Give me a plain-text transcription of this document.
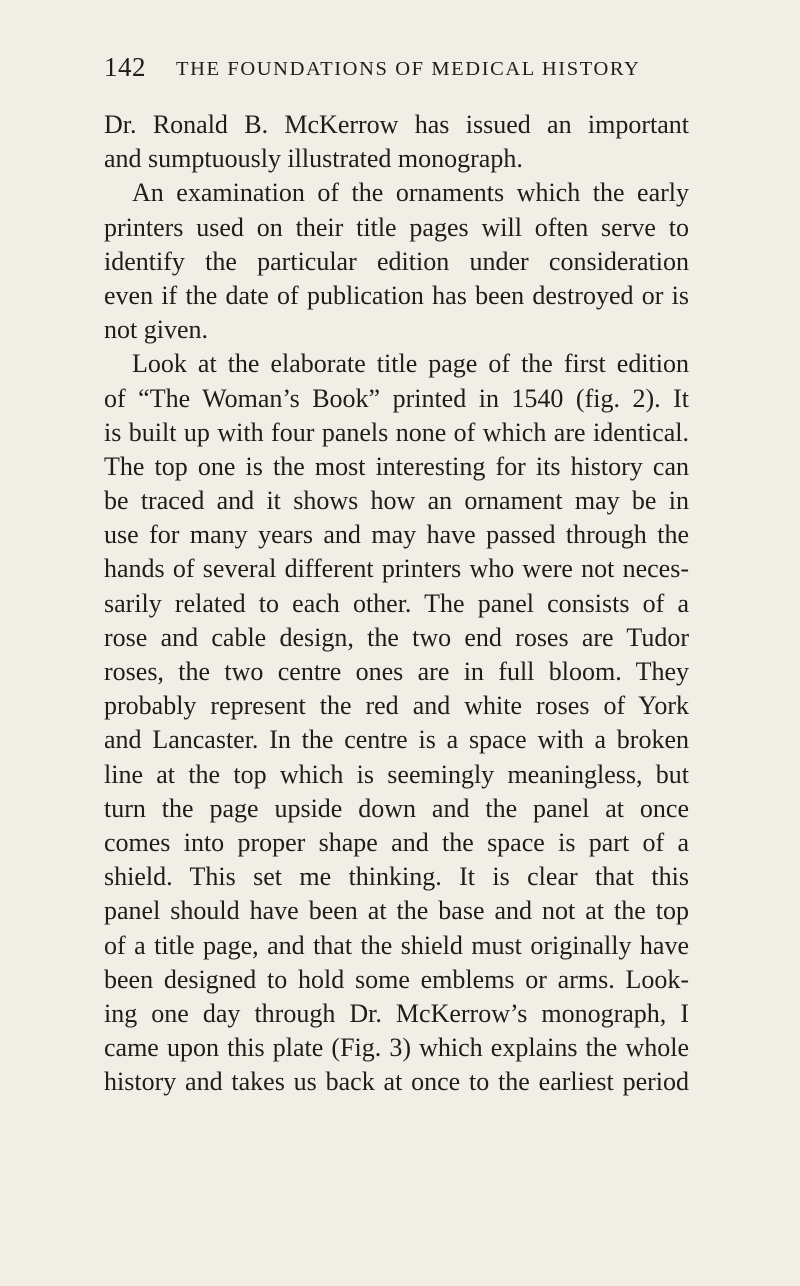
142 THE FOUNDATIONS OF MEDICAL HISTORY
Dr. Ronald B. McKerrow has issued an important
and sumptuously illustrated monograph.
An examination of the ornaments which the early
printers used on their title pages will often serve to
identify the particular edition under consideration
even if the date of publication has been destroyed or is
not given.
Look at the elaborate title page of the first edition
of “The Woman’s Book” printed in 1540 (fig. 2). It
is built up with four panels none of which are identical.
The top one is the most interesting for its history can
be traced and it shows how an ornament may be in
use for many years and may have passed through the
hands of several different printers who were not neces-
sarily related to each other. The panel consists of a
rose and cable design, the two end roses are Tudor
roses, the two centre ones are in full bloom. They
probably represent the red and white roses of York
and Lancaster. In the centre is a space with a broken
line at the top which is seemingly meaningless, but
turn the page upside down and the panel at once
comes into proper shape and the space is part of a
shield. This set me thinking. It is clear that this
panel should have been at the base and not at the top
of a title page, and that the shield must originally have
been designed to hold some emblems or arms. Look-
ing one day through Dr. McKerrow’s monograph, I
came upon this plate (Fig. 3) which explains the whole
history and takes us back at once to the earliest period
